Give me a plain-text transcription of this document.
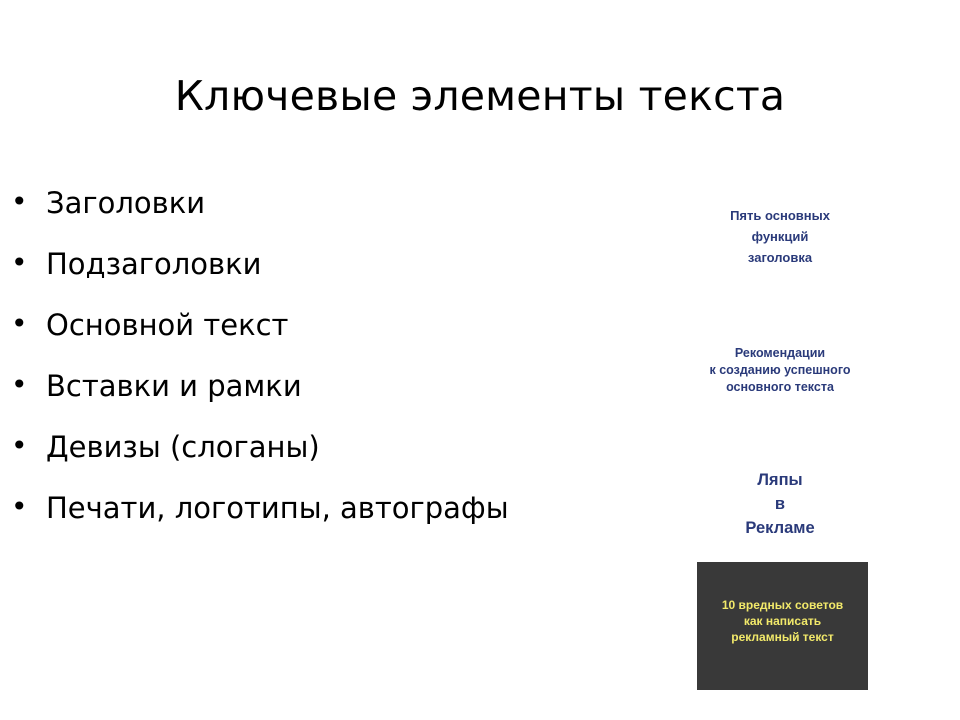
Ключевые элементы текста
• Заголовки
• Подзаголовки
• Основной текст
• Вставки и рамки
• Девизы (слоганы)
• Печати, логотипы, автографы
Пять основных
функций
заголовка
Рекомендации
к созданию успешного
основного текста
Ляпы
в
Рекламе
10 вредных советов
как написать
рекламный текст
